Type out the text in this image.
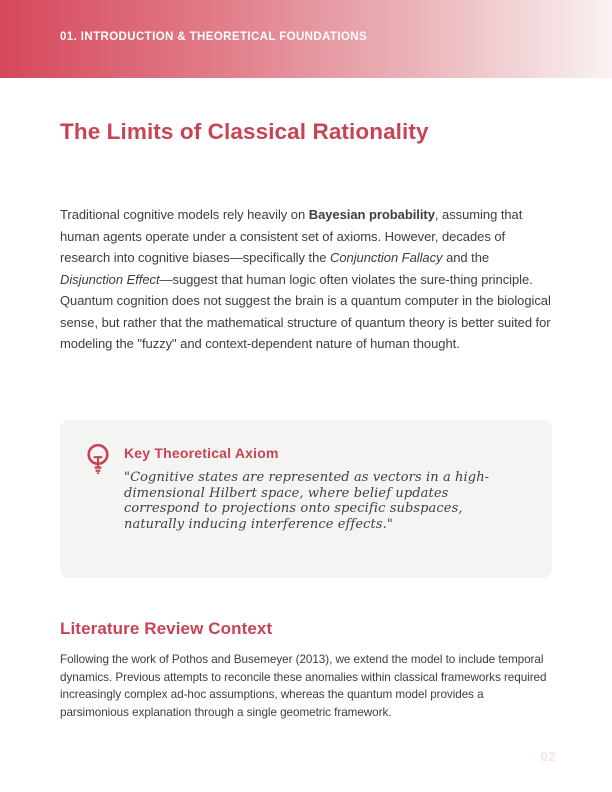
01. INTRODUCTION & THEORETICAL FOUNDATIONS
The Limits of Classical Rationality

Traditional cognitive models rely heavily on Bayesian probability, assuming that human agents operate under a consistent set of axioms. However, decades of research into cognitive biases—specifically the Conjunction Fallacy and the Disjunction Effect—suggest that human logic often violates the sure-thing principle. Quantum cognition does not suggest the brain is a quantum computer in the biological sense, but rather that the mathematical structure of quantum theory is better suited for modeling the "fuzzy" and context-dependent nature of human thought.

Key Theoretical Axiom
"Cognitive states are represented as vectors in a high-dimensional Hilbert space, where belief updates correspond to projections onto specific subspaces, naturally inducing interference effects."
Literature Review Context

Following the work of Pothos and Busemeyer (2013), we extend the model to include temporal dynamics. Previous attempts to reconcile these anomalies within classical frameworks required increasingly complex ad-hoc assumptions, whereas the quantum model provides a parsimonious explanation through a single geometric framework.

02
